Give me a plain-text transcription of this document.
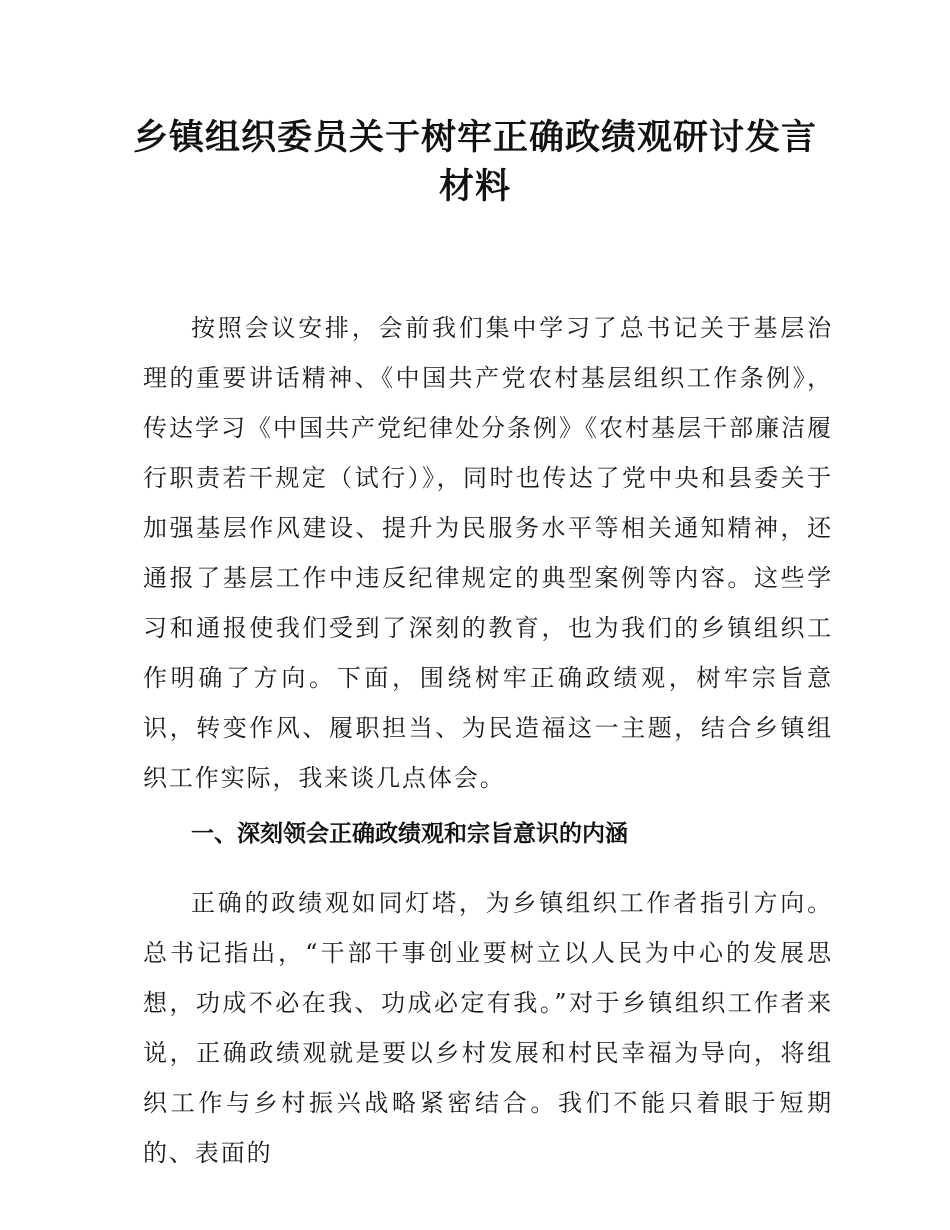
乡镇组织委员关于树牢正确政绩观研讨发言
材料

按照会议安排，会前我们集中学习了总书记关于基层治理的重要讲话精神、《中国共产党农村基层组织工作条例》，传达学习《中国共产党纪律处分条例》《农村基层干部廉洁履行职责若干规定（试行）》，同时也传达了党中央和县委关于加强基层作风建设、提升为民服务水平等相关通知精神，还通报了基层工作中违反纪律规定的典型案例等内容。这些学习和通报使我们受到了深刻的教育，也为我们的乡镇组织工作明确了方向。下面，围绕树牢正确政绩观，树牢宗旨意识，转变作风、履职担当、为民造福这一主题，结合乡镇组织工作实际，我来谈几点体会。

一、深刻领会正确政绩观和宗旨意识的内涵

正确的政绩观如同灯塔，为乡镇组织工作者指引方向。总书记指出，“干部干事创业要树立以人民为中心的发展思想，功成不必在我、功成必定有我。”对于乡镇组织工作者来说，正确政绩观就是要以乡村发展和村民幸福为导向，将组织工作与乡村振兴战略紧密结合。我们不能只着眼于短期的、表面的
